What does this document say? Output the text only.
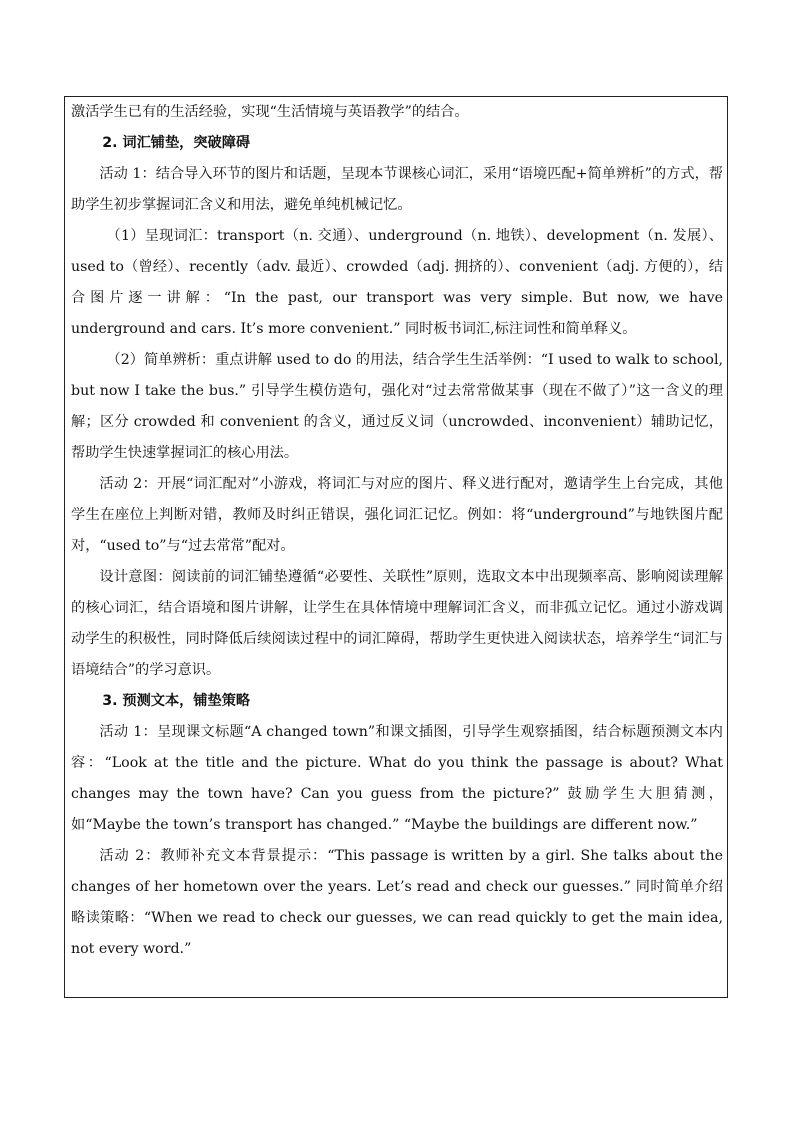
激活学生已有的生活经验，实现“生活情境与英语教学”的结合。

2. 词汇铺垫，突破障碍

活动 1：结合导入环节的图片和话题，呈现本节课核心词汇，采用“语境匹配+简单辨析”的方式，帮助学生初步掌握词汇含义和用法，避免单纯机械记忆。

（1）呈现词汇：transport（n. 交通）、underground（n. 地铁）、development（n. 发展）、used to（曾经）、recently（adv. 最近）、crowded（adj. 拥挤的）、convenient（adj. 方便的），结合图片逐一讲解：“In the past, our transport was very simple. But now, we have underground and cars. It’s more convenient.” 同时板书词汇,标注词性和简单释义。

（2）简单辨析：重点讲解 used to do 的用法，结合学生生活举例：“I used to walk to school, but now I take the bus.” 引导学生模仿造句，强化对“过去常常做某事（现在不做了）”这一含义的理解；区分 crowded 和 convenient 的含义，通过反义词（uncrowded、inconvenient）辅助记忆，帮助学生快速掌握词汇的核心用法。

活动 2：开展“词汇配对”小游戏，将词汇与对应的图片、释义进行配对，邀请学生上台完成，其他学生在座位上判断对错，教师及时纠正错误，强化词汇记忆。例如：将“underground”与地铁图片配对，“used to”与“过去常常”配对。

设计意图：阅读前的词汇铺垫遵循“必要性、关联性”原则，选取文本中出现频率高、影响阅读理解的核心词汇，结合语境和图片讲解，让学生在具体情境中理解词汇含义，而非孤立记忆。通过小游戏调动学生的积极性，同时降低后续阅读过程中的词汇障碍，帮助学生更快进入阅读状态，培养学生“词汇与语境结合”的学习意识。

3. 预测文本，铺垫策略

活动 1：呈现课文标题“A changed town”和课文插图，引导学生观察插图，结合标题预测文本内容：“Look at the title and the picture. What do you think the passage is about? What changes may the town have? Can you guess from the picture?” 鼓励学生大胆猜测，如“Maybe the town’s transport has changed.” “Maybe the buildings are different now.”

活动 2：教师补充文本背景提示：“This passage is written by a girl. She talks about the changes of her hometown over the years. Let’s read and check our guesses.” 同时简单介绍略读策略：“When we read to check our guesses, we can read quickly to get the main idea, not every word.”
